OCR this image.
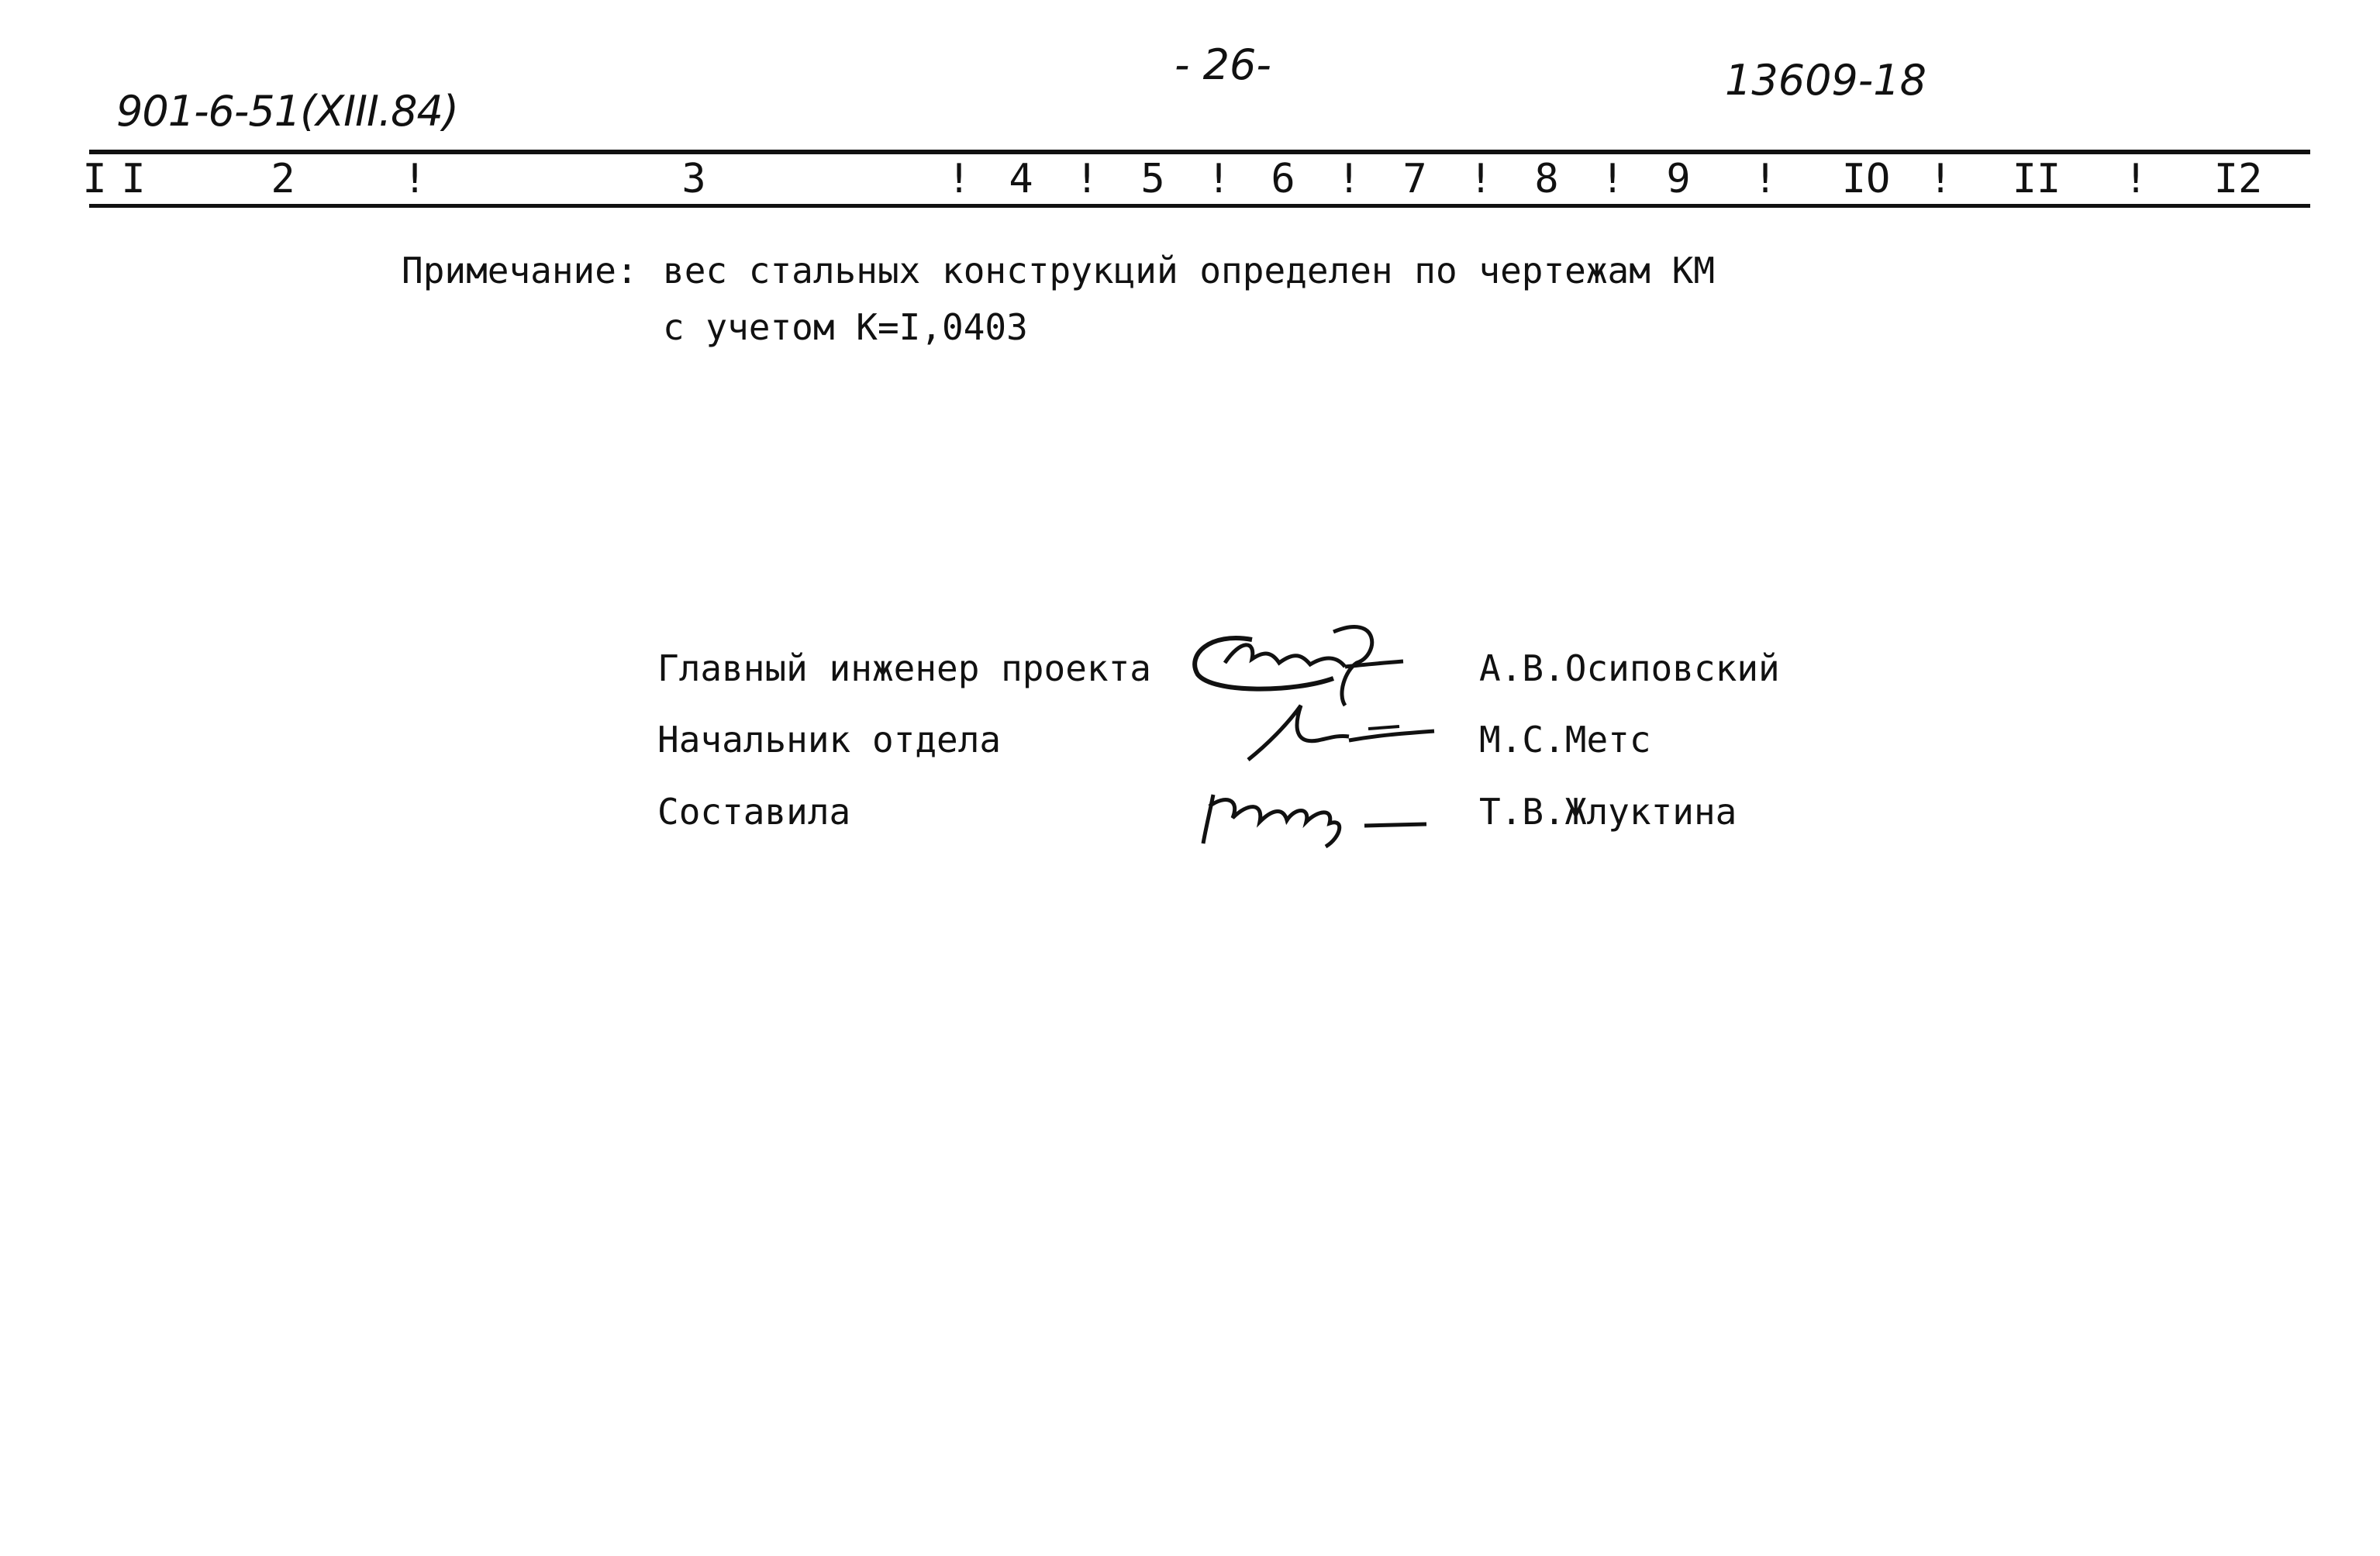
901-6-51(XIII.84)
- 26-	13609-18
I I	2	!	3	! 4 ! 5 ! 6 ! 7 ! 8 ! 9 ! IO ! II ! I2
Примечание: вес стальных конструкций определен по чертежам КМ
с учетом К=I,0403
Главный инженер проекта	А.В.Осиповский
Начальник отдела	М.С.Метс
Составила	Т.В.Жлуктина
